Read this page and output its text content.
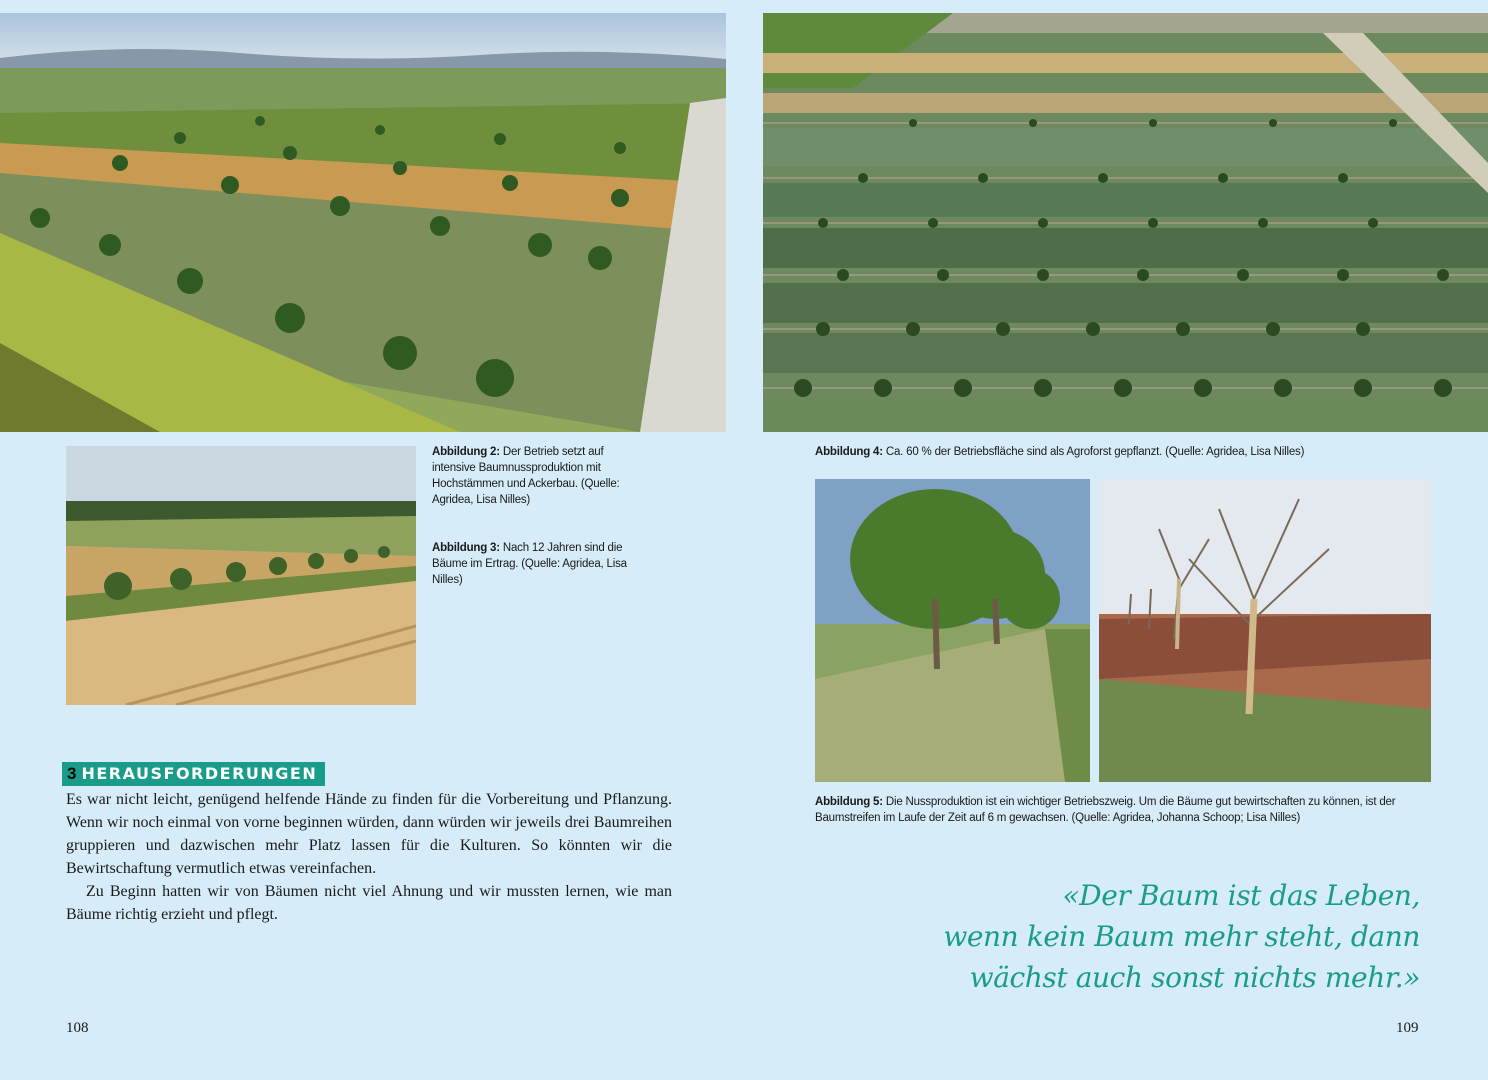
Abbildung 2: Der Betrieb setzt auf intensive Baumnussproduktion mit Hochstämmen und Ackerbau. (Quelle: Agridea, Lisa Nilles)
Abbildung 3: Nach 12 Jahren sind die Bäume im Ertrag. (Quelle: Agridea, Lisa Nilles)
Abbildung 4: Ca. 60 % der Betriebsfläche sind als Agroforst gepflanzt. (Quelle: Agridea, Lisa Nilles)
Abbildung 5: Die Nussproduktion ist ein wichtiger Betriebszweig. Um die Bäume gut bewirtschaften zu können, ist der Baumstreifen im Laufe der Zeit auf 6 m gewachsen. (Quelle: Agridea, Johanna Schoop; Lisa Nilles)
3 HERAUSFORDERUNGEN

Es war nicht leicht, genügend helfende Hände zu finden für die Vorbereitung und Pflanzung. Wenn wir noch einmal von vorne beginnen würden, dann würden wir jeweils drei Baumreihen gruppieren und dazwischen mehr Platz lassen für die Kulturen. So könnten wir die Bewirtschaftung vermutlich etwas vereinfachen.

Zu Beginn hatten wir von Bäumen nicht viel Ahnung und wir mussten lernen, wie man Bäume richtig erzieht und pflegt.

«Der Baum ist das Leben,
wenn kein Baum mehr steht, dann
wächst auch sonst nichts mehr.»
108	109
